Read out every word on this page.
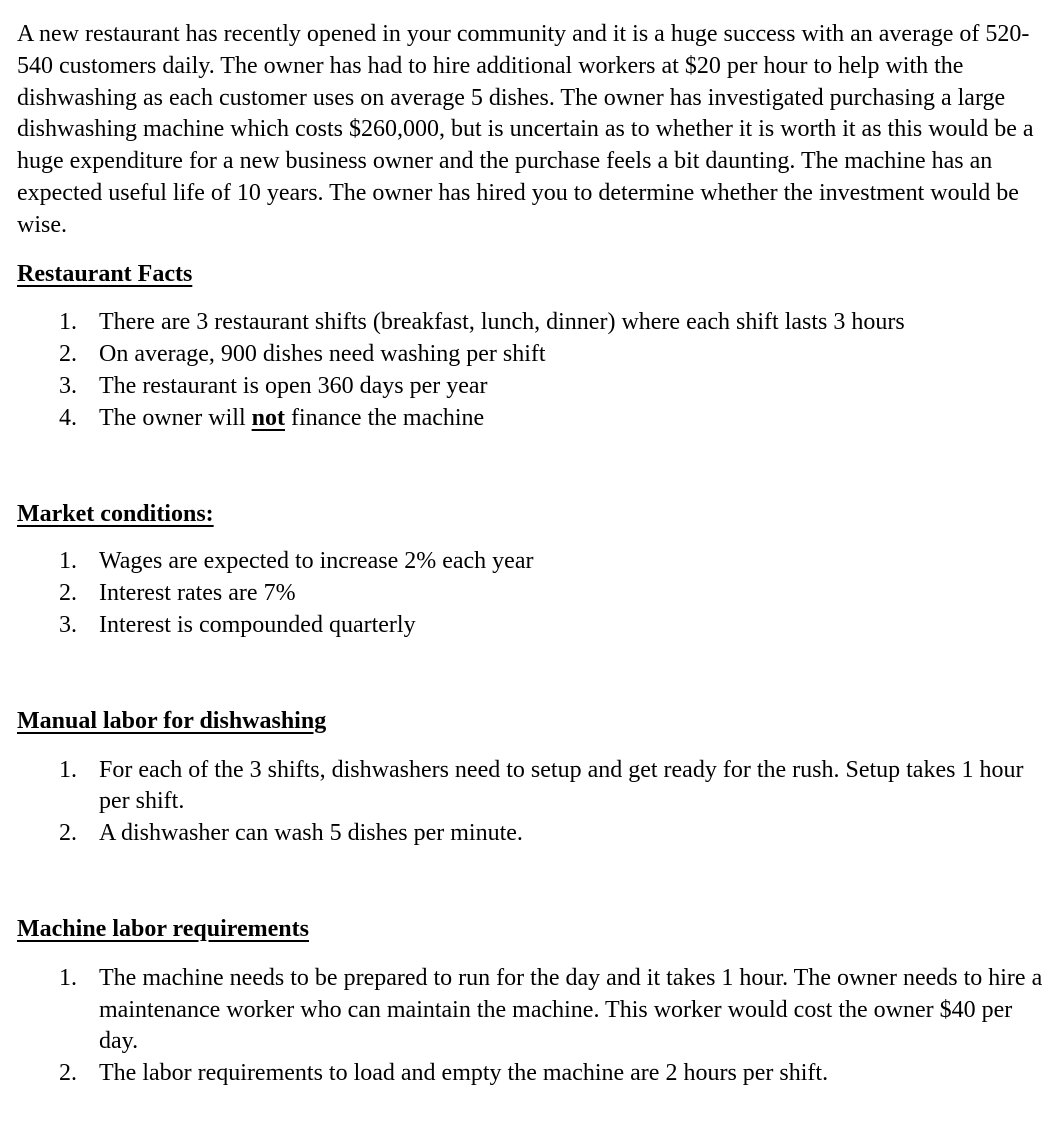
A new restaurant has recently opened in your community and it is a huge success with an average of 520-540 customers daily. The owner has had to hire additional workers at $20 per hour to help with the dishwashing as each customer uses on average 5 dishes. The owner has investigated purchasing a large dishwashing machine which costs $260,000, but is uncertain as to whether it is worth it as this would be a huge expenditure for a new business owner and the purchase feels a bit daunting. The machine has an expected useful life of 10 years. The owner has hired you to determine whether the investment would be wise.

Restaurant Facts

1. There are 3 restaurant shifts (breakfast, lunch, dinner) where each shift lasts 3 hours
2. On average, 900 dishes need washing per shift
3. The restaurant is open 360 days per year
4. The owner will not finance the machine

Market conditions:

1. Wages are expected to increase 2% each year
2. Interest rates are 7%
3. Interest is compounded quarterly

Manual labor for dishwashing

1. For each of the 3 shifts, dishwashers need to setup and get ready for the rush. Setup takes 1 hour per shift.
2. A dishwasher can wash 5 dishes per minute.

Machine labor requirements

1. The machine needs to be prepared to run for the day and it takes 1 hour. The owner needs to hire a maintenance worker who can maintain the machine. This worker would cost the owner $40 per day.
2. The labor requirements to load and empty the machine are 2 hours per shift.
